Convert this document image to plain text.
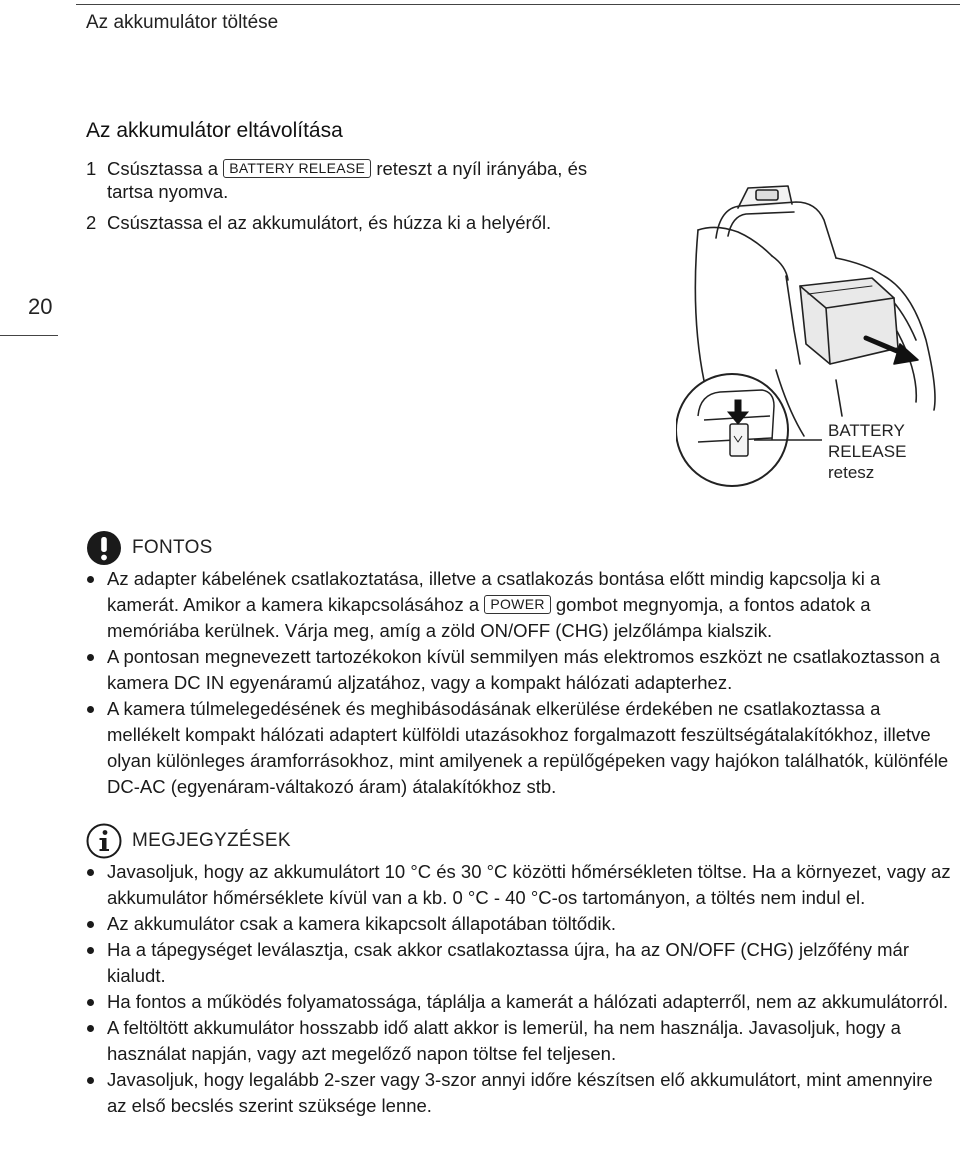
Az akkumulátor töltése
20
Az akkumulátor eltávolítása
1 Csúsztassa a BATTERY RELEASE reteszt a nyíl irányába, és
tartsa nyomva.
2 Csúsztassa el az akkumulátort, és húzza ki a helyéről.
BATTERY
RELEASE
retesz
FONTOS
Az adapter kábelének csatlakoztatása, illetve a csatlakozás bontása előtt mindig kapcsolja ki a kamerát. Amikor a kamera kikapcsolásához a POWER gombot megnyomja, a fontos adatok a memóriába kerülnek. Várja meg, amíg a zöld ON/OFF (CHG) jelzőlámpa kialszik.
A pontosan megnevezett tartozékokon kívül semmilyen más elektromos eszközt ne csatlakoztasson a kamera DC IN egyenáramú aljzatához, vagy a kompakt hálózati adapterhez.
A kamera túlmelegedésének és meghibásodásának elkerülése érdekében ne csatlakoztassa a mellékelt kompakt hálózati adaptert külföldi utazásokhoz forgalmazott feszültségátalakítókhoz, illetve olyan különleges áramforrásokhoz, mint amilyenek a repülőgépeken vagy hajókon találhatók, különféle DC-AC (egyenáram-váltakozó áram) átalakítókhoz stb.
MEGJEGYZÉSEK
Javasoljuk, hogy az akkumulátort 10 °C és 30 °C közötti hőmérsékleten töltse. Ha a környezet, vagy az akkumulátor hőmérséklete kívül van a kb. 0 °C - 40 °C-os tartományon, a töltés nem indul el.
Az akkumulátor csak a kamera kikapcsolt állapotában töltődik.
Ha a tápegységet leválasztja, csak akkor csatlakoztassa újra, ha az ON/OFF (CHG) jelzőfény már kialudt.
Ha fontos a működés folyamatossága, táplálja a kamerát a hálózati adapterről, nem az akkumulátorról.
A feltöltött akkumulátor hosszabb idő alatt akkor is lemerül, ha nem használja. Javasoljuk, hogy a használat napján, vagy azt megelőző napon töltse fel teljesen.
Javasoljuk, hogy legalább 2-szer vagy 3-szor annyi időre készítsen elő akkumulátort, mint amennyire az első becslés szerint szüksége lenne.
